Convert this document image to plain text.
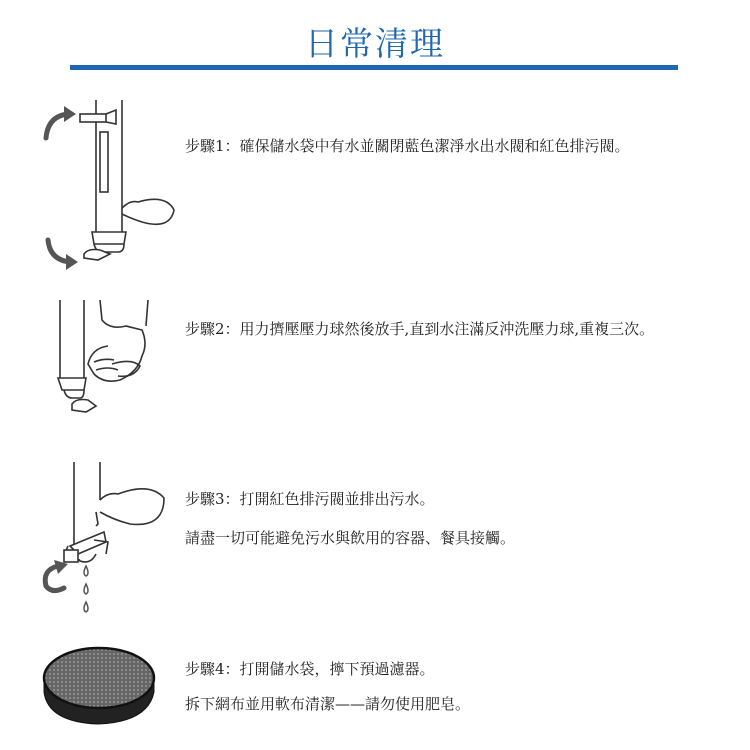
日常清理
步驟1：確保儲水袋中有水並關閉藍色潔淨水出水閥和紅色排污閥。
步驟2：用力擠壓壓力球然後放手,直到水注滿反沖洗壓力球,重複三次。
步驟3：打開紅色排污閥並排出污水。
請盡一切可能避免污水與飲用的容器、餐具接觸。
步驟4：打開儲水袋，擰下預過濾器。
拆下網布並用軟布清潔——請勿使用肥皂。
